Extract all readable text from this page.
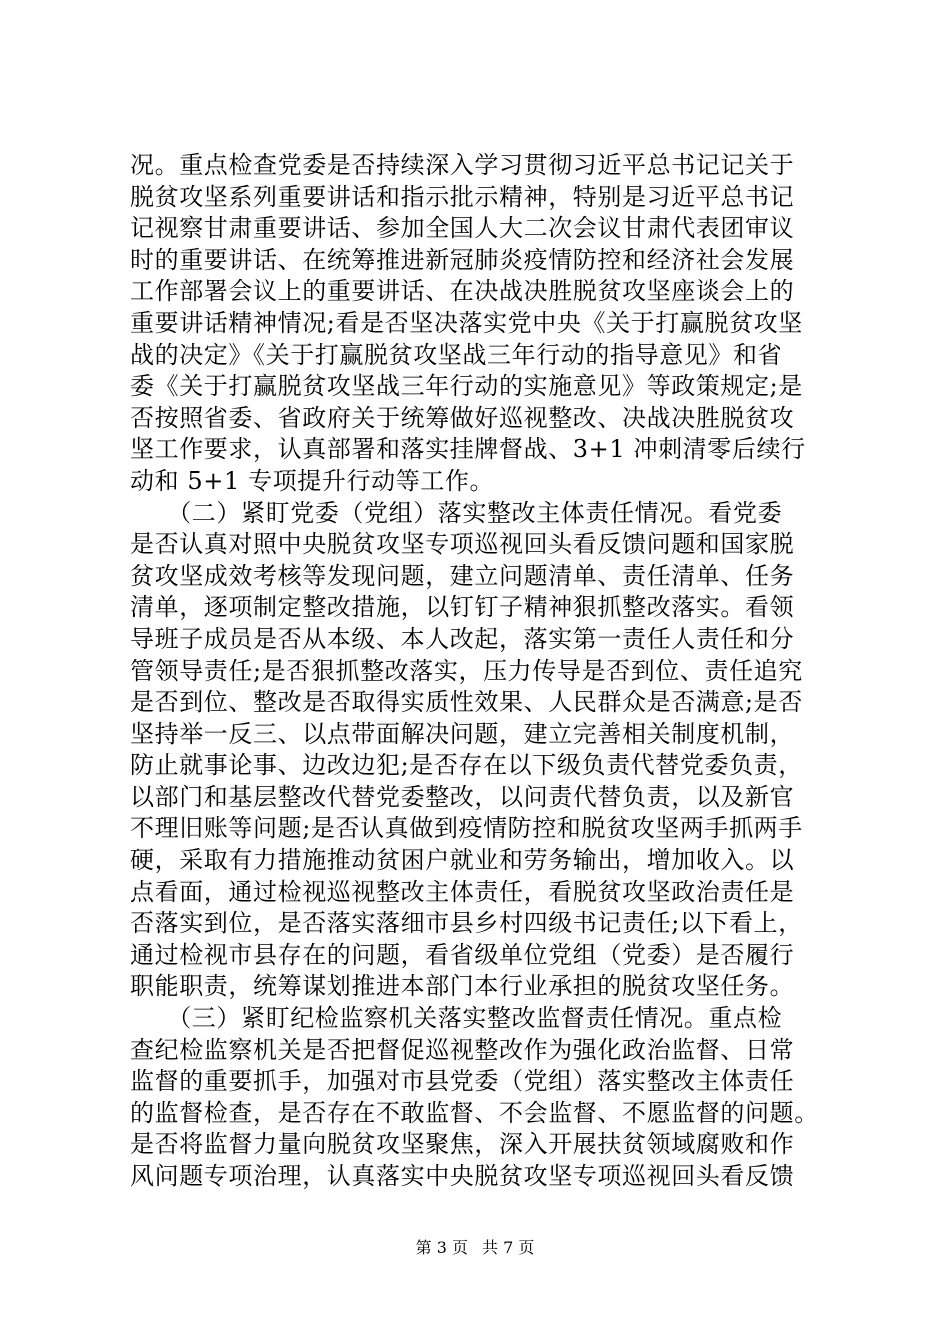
况。重点检查党委是否持续深入学习贯彻习近平总书记记关于
脱贫攻坚系列重要讲话和指示批示精神，特别是习近平总书记
记视察甘肃重要讲话、参加全国人大二次会议甘肃代表团审议
时的重要讲话、在统筹推进新冠肺炎疫情防控和经济社会发展
工作部署会议上的重要讲话、在决战决胜脱贫攻坚座谈会上的
重要讲话精神情况;看是否坚决落实党中央《关于打赢脱贫攻坚
战的决定》《关于打赢脱贫攻坚战三年行动的指导意见》和省
委《关于打赢脱贫攻坚战三年行动的实施意见》等政策规定;是
否按照省委、省政府关于统筹做好巡视整改、决战决胜脱贫攻
坚工作要求，认真部署和落实挂牌督战、3+1 冲刺清零后续行
动和 5+1 专项提升行动等工作。
　　（二）紧盯党委（党组）落实整改主体责任情况。看党委
是否认真对照中央脱贫攻坚专项巡视回头看反馈问题和国家脱
贫攻坚成效考核等发现问题，建立问题清单、责任清单、任务
清单，逐项制定整改措施，以钉钉子精神狠抓整改落实。看领
导班子成员是否从本级、本人改起，落实第一责任人责任和分
管领导责任;是否狠抓整改落实，压力传导是否到位、责任追究
是否到位、整改是否取得实质性效果、人民群众是否满意;是否
坚持举一反三、以点带面解决问题，建立完善相关制度机制，
防止就事论事、边改边犯;是否存在以下级负责代替党委负责，
以部门和基层整改代替党委整改，以问责代替负责，以及新官
不理旧账等问题;是否认真做到疫情防控和脱贫攻坚两手抓两手
硬，采取有力措施推动贫困户就业和劳务输出，增加收入。以
点看面，通过检视巡视整改主体责任，看脱贫攻坚政治责任是
否落实到位，是否落实落细市县乡村四级书记责任;以下看上，
通过检视市县存在的问题，看省级单位党组（党委）是否履行
职能职责，统筹谋划推进本部门本行业承担的脱贫攻坚任务。
　　（三）紧盯纪检监察机关落实整改监督责任情况。重点检
查纪检监察机关是否把督促巡视整改作为强化政治监督、日常
监督的重要抓手，加强对市县党委（党组）落实整改主体责任
的监督检查，是否存在不敢监督、不会监督、不愿监督的问题。
是否将监督力量向脱贫攻坚聚焦，深入开展扶贫领域腐败和作
风问题专项治理，认真落实中央脱贫攻坚专项巡视回头看反馈
第 3 页 共 7 页
